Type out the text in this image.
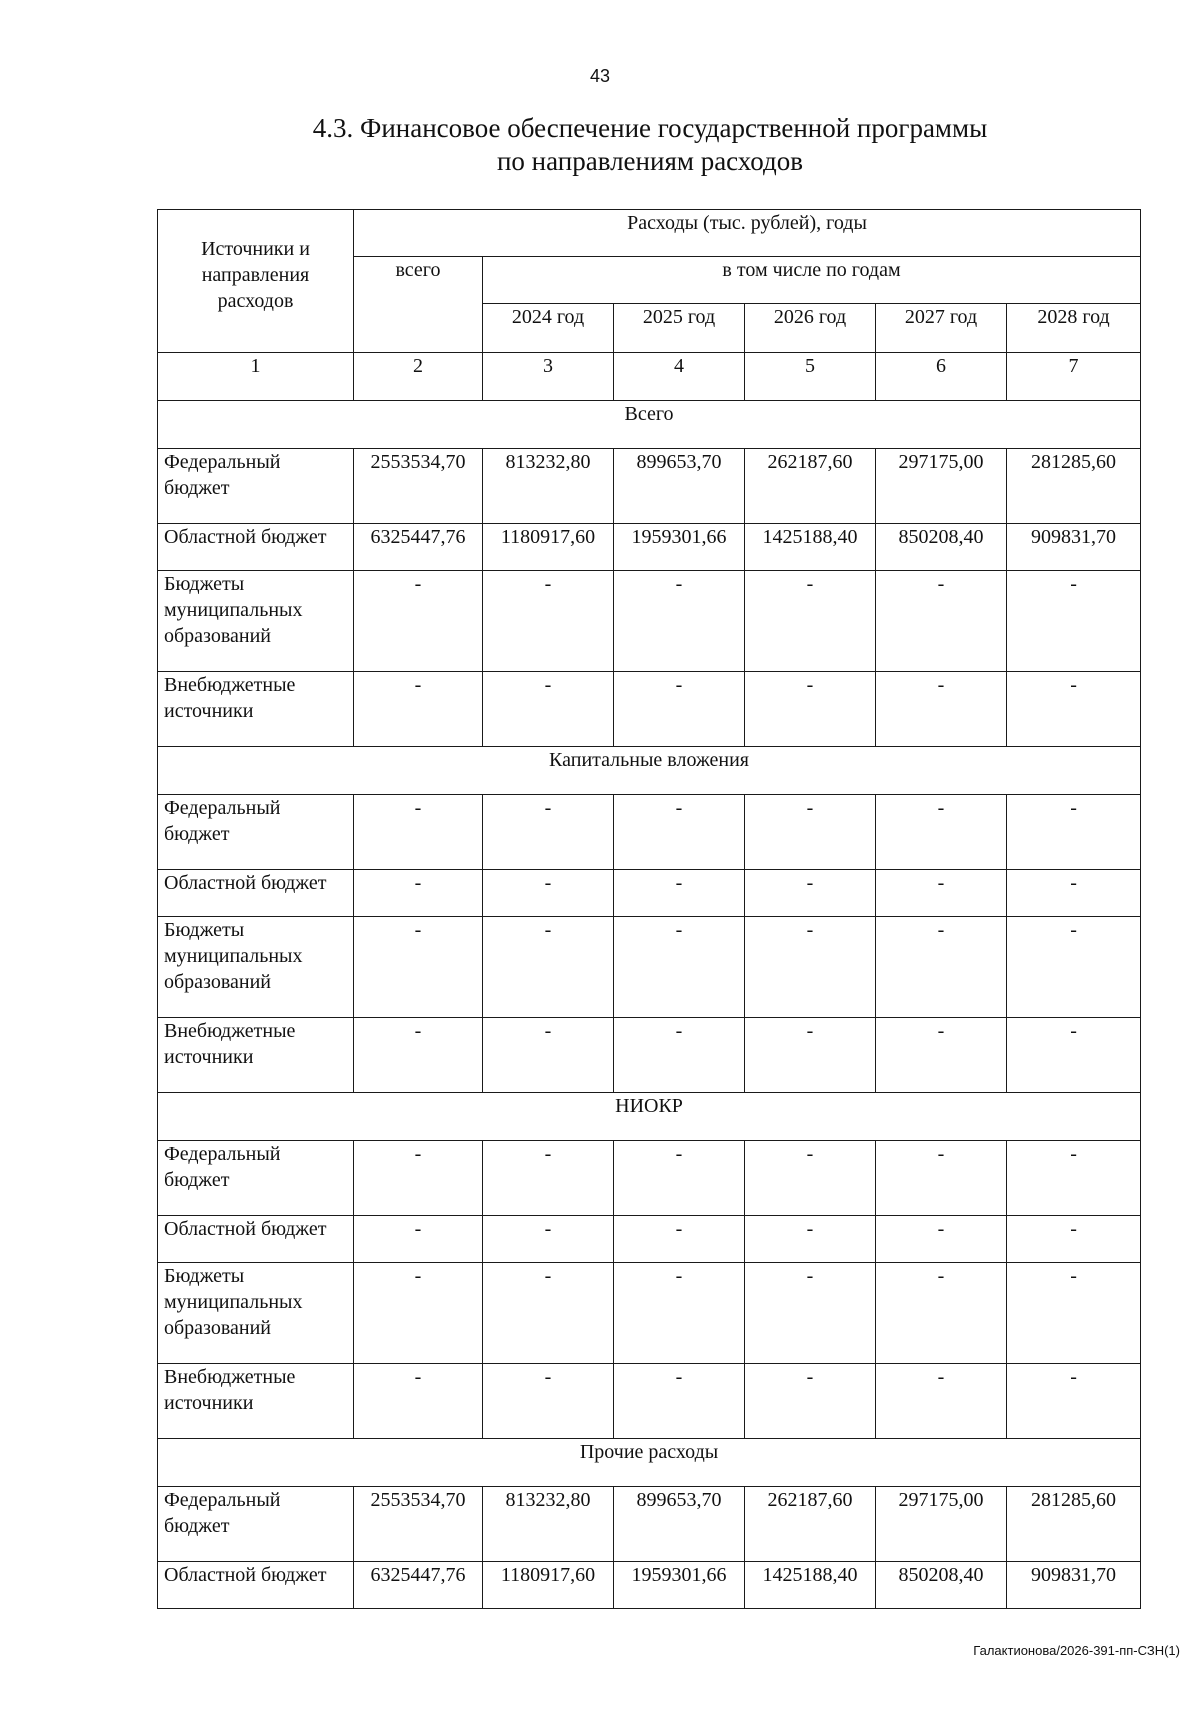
43
4.3. Финансовое обеспечение государственной программы
по направлениям расходов
Источники и направления расходов	Расходы (тыс. рублей), годы					
	всего	в том числе по годам				
		2024 год	2025 год	2026 год	2027 год	2028 год
1	2	3	4	5	6	7
Всего						
Федеральный бюджет	2553534,70	813232,80	899653,70	262187,60	297175,00	281285,60
Областной бюджет	6325447,76	1180917,60	1959301,66	1425188,40	850208,40	909831,70
Бюджеты муниципальных образований	-	-	-	-	-	-
Внебюджетные источники	-	-	-	-	-	-
Капитальные вложения						
Федеральный бюджет	-	-	-	-	-	-
Областной бюджет	-	-	-	-	-	-
Бюджеты муниципальных образований	-	-	-	-	-	-
Внебюджетные источники	-	-	-	-	-	-
НИОКР						
Федеральный бюджет	-	-	-	-	-	-
Областной бюджет	-	-	-	-	-	-
Бюджеты муниципальных образований	-	-	-	-	-	-
Внебюджетные источники	-	-	-	-	-	-
Прочие расходы						
Федеральный бюджет	2553534,70	813232,80	899653,70	262187,60	297175,00	281285,60
Областной бюджет	6325447,76	1180917,60	1959301,66	1425188,40	850208,40	909831,70
Галактионова/2026-391-пп-СЗН(1)
